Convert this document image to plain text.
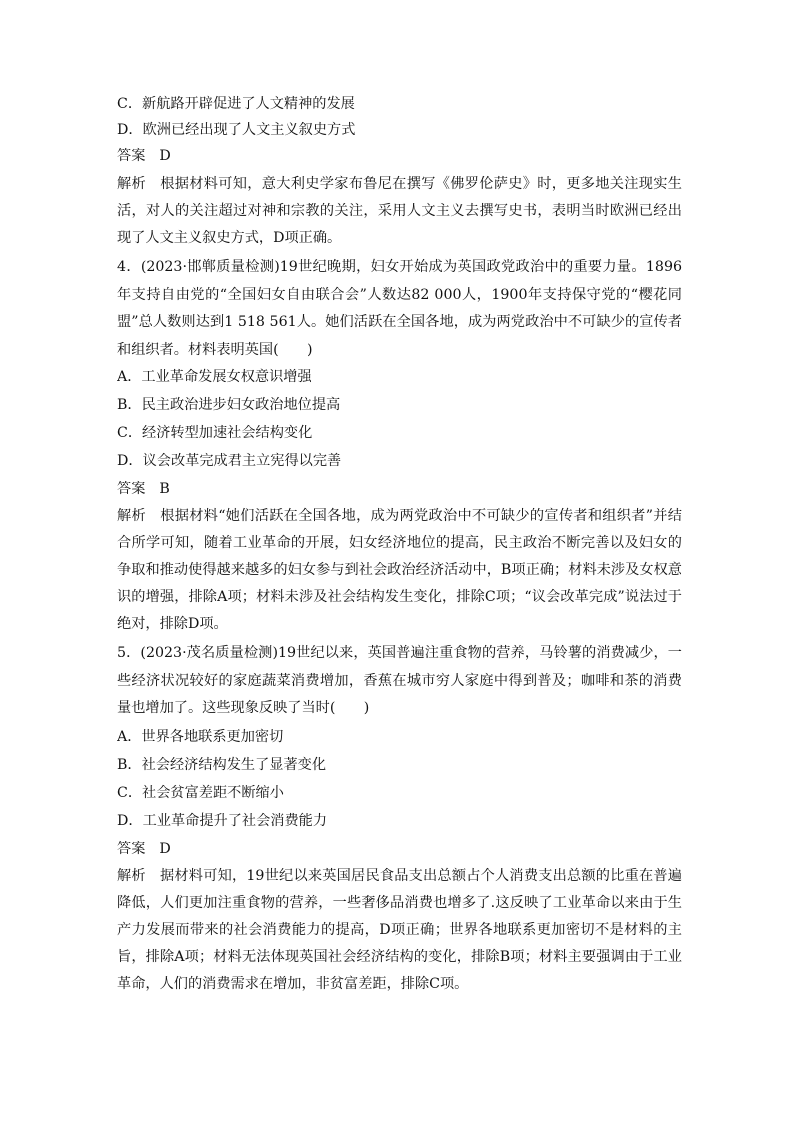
C．新航路开辟促进了人文精神的发展

D．欧洲已经出现了人文主义叙史方式

答案 D

解析 根据材料可知，意大利史学家布鲁尼在撰写《佛罗伦萨史》时，更多地关注现实生活，对人的关注超过对神和宗教的关注，采用人文主义去撰写史书，表明当时欧洲已经出现了人文主义叙史方式，D项正确。

4．(2023·邯郸质量检测)19世纪晚期，妇女开始成为英国政党政治中的重要力量。1896年支持自由党的“全国妇女自由联合会”人数达82 000人，1900年支持保守党的“樱花同盟”总人数则达到1 518 561人。她们活跃在全国各地，成为两党政治中不可缺少的宣传者和组织者。材料表明英国(　　)

A．工业革命发展女权意识增强

B．民主政治进步妇女政治地位提高

C．经济转型加速社会结构变化

D．议会改革完成君主立宪得以完善

答案 B

解析 根据材料“她们活跃在全国各地，成为两党政治中不可缺少的宣传者和组织者”并结合所学可知，随着工业革命的开展，妇女经济地位的提高，民主政治不断完善以及妇女的争取和推动使得越来越多的妇女参与到社会政治经济活动中，B项正确；材料未涉及女权意识的增强，排除A项；材料未涉及社会结构发生变化，排除C项；“议会改革完成”说法过于绝对，排除D项。

5．(2023·茂名质量检测)19世纪以来，英国普遍注重食物的营养，马铃薯的消费减少，一些经济状况较好的家庭蔬菜消费增加，香蕉在城市穷人家庭中得到普及；咖啡和茶的消费量也增加了。这些现象反映了当时(　　)

A．世界各地联系更加密切

B．社会经济结构发生了显著变化

C．社会贫富差距不断缩小

D．工业革命提升了社会消费能力

答案 D

解析 据材料可知，19世纪以来英国居民食品支出总额占个人消费支出总额的比重在普遍降低，人们更加注重食物的营养，一些奢侈品消费也增多了.这反映了工业革命以来由于生产力发展而带来的社会消费能力的提高，D项正确；世界各地联系更加密切不是材料的主旨，排除A项；材料无法体现英国社会经济结构的变化，排除B项；材料主要强调由于工业革命，人们的消费需求在增加，非贫富差距，排除C项。
